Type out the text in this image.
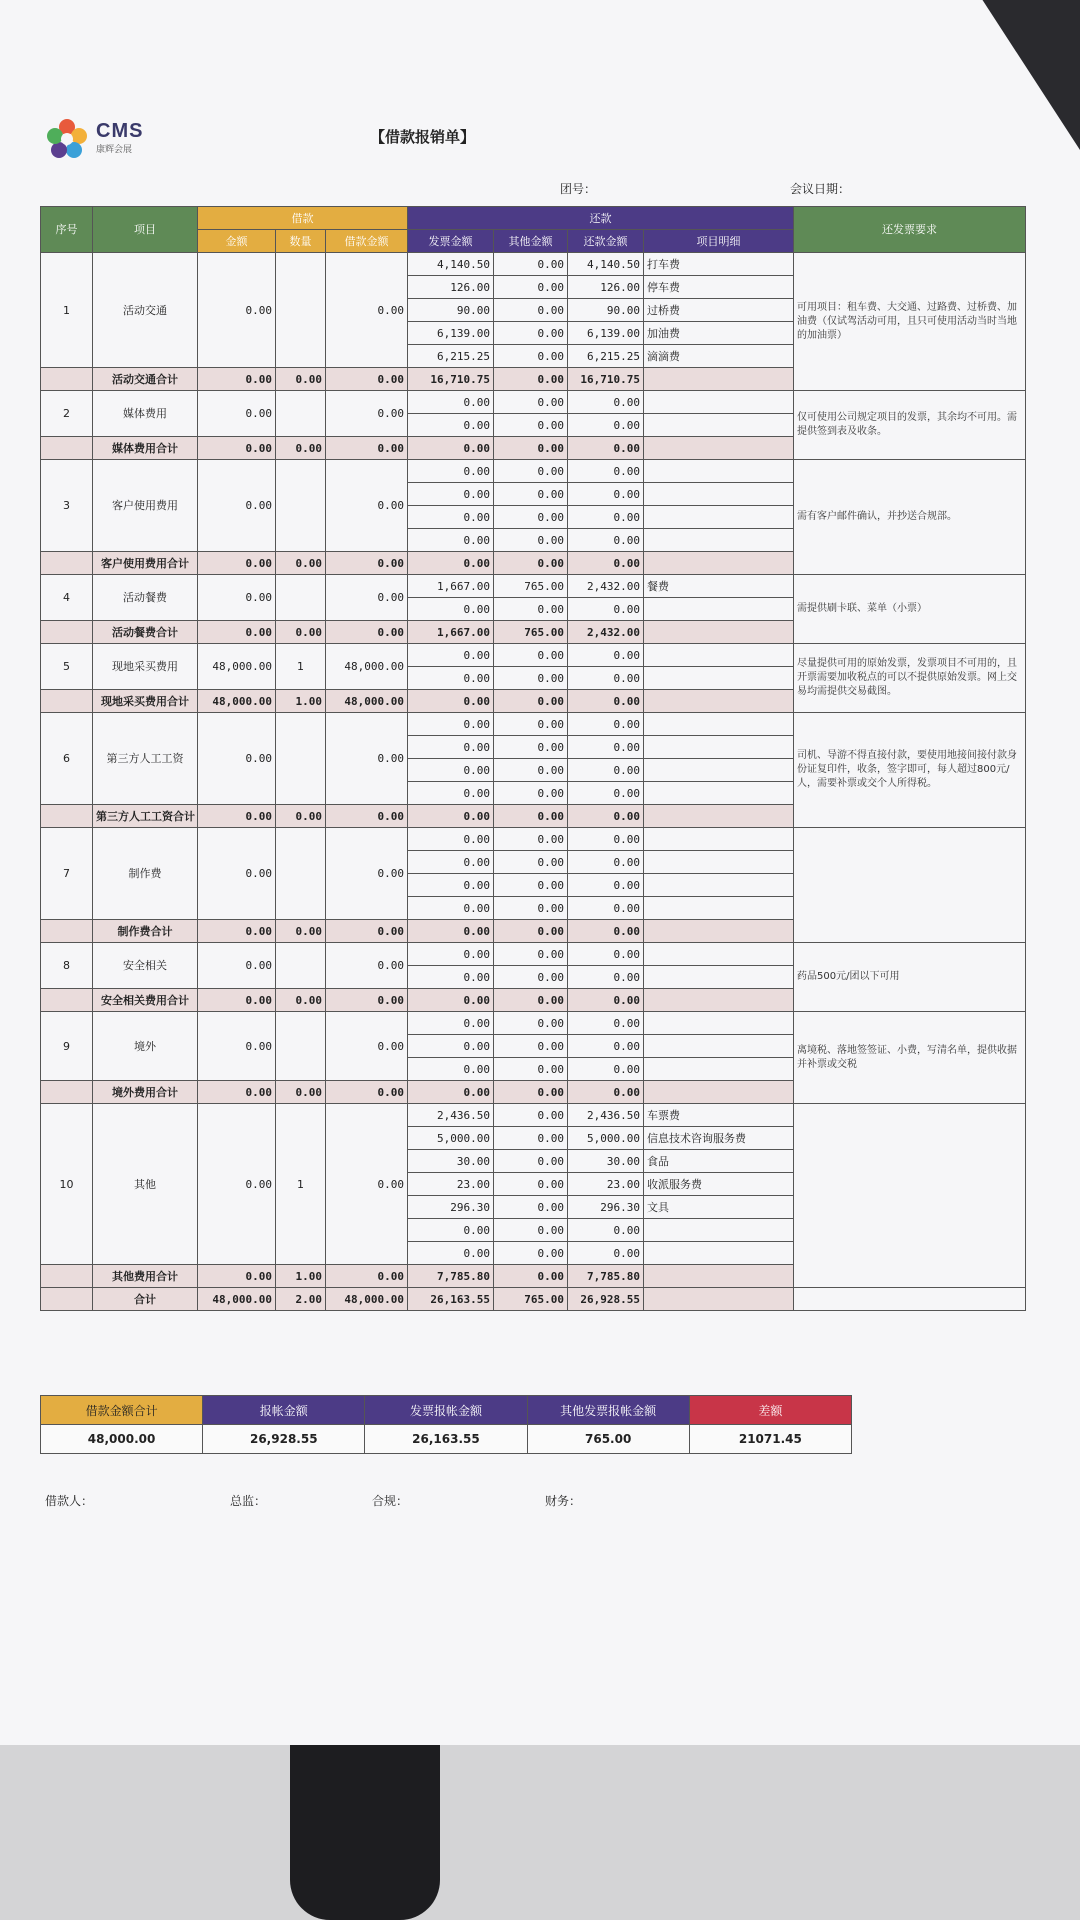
CMS
康辉会展
【借款报销单】
团号：	会议日期：
序号	项目	借款			还款				还发票要求
		金额	数量	借款金额	发票金额	其他金额	还款金额	项目明细	
1	活动交通	0.00		0.00	4,140.50	0.00	4,140.50	打车费	可用项目：租车费、大交通、过路费、过桥费、加油费（仅试驾活动可用，且只可使用活动当时当地的加油票）
					126.00	0.00	126.00	停车费	
					90.00	0.00	90.00	过桥费	
					6,139.00	0.00	6,139.00	加油费	
					6,215.25	0.00	6,215.25	滴滴费	
	活动交通合计	0.00	0.00	0.00	16,710.75	0.00	16,710.75		
2	媒体费用	0.00		0.00	0.00	0.00	0.00		仅可使用公司规定项目的发票，其余均不可用。需提供签到表及收条。
					0.00	0.00	0.00		
	媒体费用合计	0.00	0.00	0.00	0.00	0.00	0.00		
3	客户使用费用	0.00		0.00	0.00	0.00	0.00		需有客户邮件确认，并抄送合规部。
					0.00	0.00	0.00		
					0.00	0.00	0.00		
					0.00	0.00	0.00		
	客户使用费用合计	0.00	0.00	0.00	0.00	0.00	0.00		
4	活动餐费	0.00		0.00	1,667.00	765.00	2,432.00	餐费	需提供刷卡联、菜单（小票）
					0.00	0.00	0.00		
	活动餐费合计	0.00	0.00	0.00	1,667.00	765.00	2,432.00		
5	现地采买费用	48,000.00	1	48,000.00	0.00	0.00	0.00		尽量提供可用的原始发票，发票项目不可用的，且开票需要加收税点的可以不提供原始发票。网上交易均需提供交易截图。
					0.00	0.00	0.00		
	现地采买费用合计	48,000.00	1.00	48,000.00	0.00	0.00	0.00		
6	第三方人工工资	0.00		0.00	0.00	0.00	0.00		司机、导游不得直接付款，要使用地接间接付款身份证复印件，收条，签字即可，每人超过800元/人，需要补票或交个人所得税。
					0.00	0.00	0.00		
					0.00	0.00	0.00		
					0.00	0.00	0.00		
	第三方人工工资合计	0.00	0.00	0.00	0.00	0.00	0.00		
7	制作费	0.00		0.00	0.00	0.00	0.00		
					0.00	0.00	0.00		
					0.00	0.00	0.00		
					0.00	0.00	0.00		
	制作费合计	0.00	0.00	0.00	0.00	0.00	0.00		
8	安全相关	0.00		0.00	0.00	0.00	0.00		药品500元/团以下可用
					0.00	0.00	0.00		
	安全相关费用合计	0.00	0.00	0.00	0.00	0.00	0.00		
9	境外	0.00		0.00	0.00	0.00	0.00		离境税、落地签签证、小费，写清名单，提供收据并补票或交税
					0.00	0.00	0.00		
					0.00	0.00	0.00		
	境外费用合计	0.00	0.00	0.00	0.00	0.00	0.00		
10	其他	0.00	1	0.00	2,436.50	0.00	2,436.50	车票费	
					5,000.00	0.00	5,000.00	信息技术咨询服务费	
					30.00	0.00	30.00	食品	
					23.00	0.00	23.00	收派服务费	
					296.30	0.00	296.30	文具	
					0.00	0.00	0.00		
					0.00	0.00	0.00		
	其他费用合计	0.00	1.00	0.00	7,785.80	0.00	7,785.80		
	合计	48,000.00	2.00	48,000.00	26,163.55	765.00	26,928.55		
借款金额合计	报帐金额	发票报帐金额	其他发票报帐金额	差额
48,000.00	26,928.55	26,163.55	765.00	21071.45
借款人：	总监：	合规：	财务：
